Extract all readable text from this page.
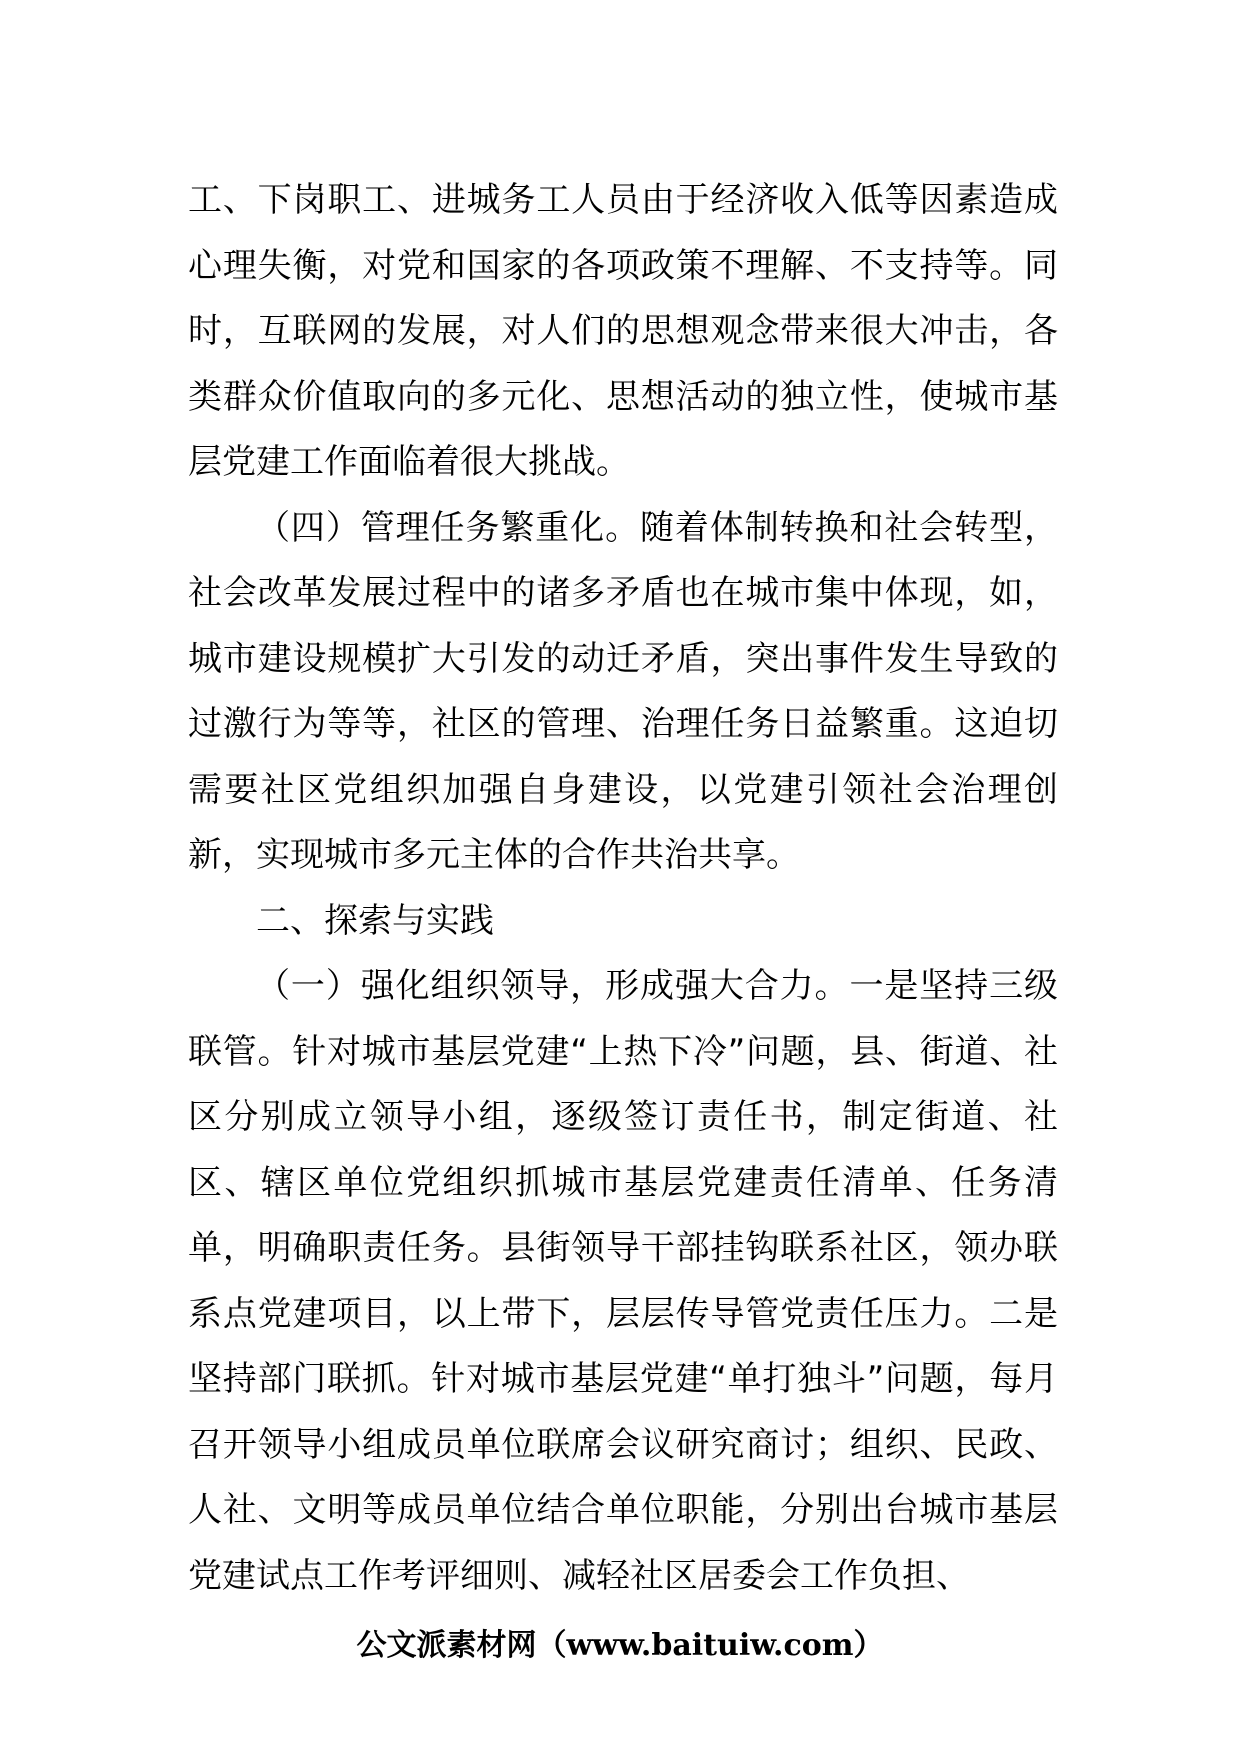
工、下岗职工、进城务工人员由于经济收入低等因素造成心理失衡，对党和国家的各项政策不理解、不支持等。同时，互联网的发展，对人们的思想观念带来很大冲击，各类群众价值取向的多元化、思想活动的独立性，使城市基层党建工作面临着很大挑战。

（四）管理任务繁重化。随着体制转换和社会转型，社会改革发展过程中的诸多矛盾也在城市集中体现，如，城市建设规模扩大引发的动迁矛盾，突出事件发生导致的过激行为等等，社区的管理、治理任务日益繁重。这迫切需要社区党组织加强自身建设，以党建引领社会治理创新，实现城市多元主体的合作共治共享。

二、探索与实践

（一）强化组织领导，形成强大合力。一是坚持三级联管。针对城市基层党建“上热下冷”问题，县、街道、社区分别成立领导小组，逐级签订责任书，制定街道、社区、辖区单位党组织抓城市基层党建责任清单、任务清单，明确职责任务。县街领导干部挂钩联系社区，领办联系点党建项目，以上带下，层层传导管党责任压力。二是坚持部门联抓。针对城市基层党建“单打独斗”问题，每月召开领导小组成员单位联席会议研究商讨；组织、民政、人社、文明等成员单位结合单位职能，分别出台城市基层党建试点工作考评细则、减轻社区居委会工作负担、

公文派素材网（www.baituiw.com）
